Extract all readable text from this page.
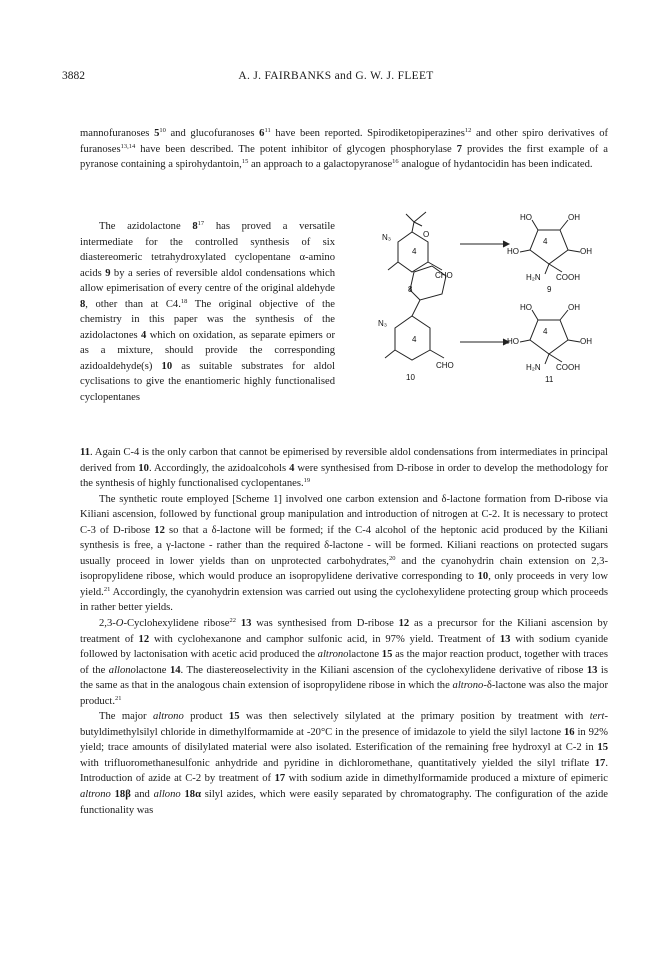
3882	A. J. FAIRBANKS and G. W. J. FLEET

mannofuranoses $5^{10}$ and glucofuranoses $6^{11}$ have been reported. Spirodiketopiperazines$^{12}$ and other spiro derivatives of furanoses$^{13,14}$ have been described. The potent inhibitor of glycogen phosphorylase 7 provides the first example of a pyranose containing a spirohydantoin,$^{15}$ an approach to a galactopyranose$^{16}$ analogue of hydantocidin has been indicated.

The azidolactone $8^{17}$ has proved a versatile intermediate for the controlled synthesis of six diastereomeric tetrahydroxylated cyclopentane α-amino acids 9 by a series of reversible aldol condensations which allow epimerisation of every centre of the original aldehyde 8, other than at C4.18 The original objective of the chemistry in this paper was the synthesis of the azidolactones 4 which on oxidation, as separate epimers or as a mixture, should provide the corresponding azidoaldehyde(s) 10 as suitable substrates for aldol cyclisations to give the enantiomeric highly functionalised cyclopentanes

11. Again C-4 is the only carbon that cannot be epimerised by reversible aldol condensations from intermediates in principal derived from 10. Accordingly, the azidoalcohols 4 were synthesised from D-ribose in order to develop the methodology for the synthesis of highly functionalised cyclopentanes.$^{19}$

The synthetic route employed [Scheme 1] involved one carbon extension and δ-lactone formation from D-ribose via Kiliani ascension, followed by functional group manipulation and introduction of nitrogen at C-2. It is necessary to protect C-3 of D-ribose 12 so that a δ-lactone will be formed; if the C-4 alcohol of the heptonic acid produced by the Kiliani synthesis is free, a γ-lactone - rather than the required δ-lactone - will be formed. Kiliani reactions on protected sugars usually proceed in lower yields than on unprotected carbohydrates,$^{20}$ and the cyanohydrin chain extension on 2,3-isopropylidene ribose, which would produce an isopropylidene derivative corresponding to 10, only proceeds in very low yield.$^{21}$ Accordingly, the cyanohydrin extension was carried out using the cyclohexylidene protecting group which proceeds in rather better yields.

2,3-O-Cyclohexylidene ribose$^{22}$ 13 was synthesised from D-ribose 12 as a precursor for the Kiliani ascension by treatment of 12 with cyclohexanone and camphor sulfonic acid, in 97% yield. Treatment of 13 with sodium cyanide followed by lactonisation with acetic acid produced the altronolactone 15 as the major reaction product, together with traces of the allonolactone 14. The diastereoselectivity in the Kiliani ascension of the cyclohexylidene derivative of ribose 13 is the same as that in the analogous chain extension of isopropylidene ribose in which the altrono-δ-lactone was also the major product.$^{21}$

The major altrono product 15 was then selectively silylated at the primary position by treatment with tert-butyldimethylsilyl chloride in dimethylformamide at -20°C in the presence of imidazole to yield the silyl lactone 16 in 92% yield; trace amounts of disilylated material were also isolated. Esterification of the remaining free hydroxyl at C-2 in 15 with trifluoromethanesulfonic anhydride and pyridine in dichloromethane, quantitatively yielded the silyl triflate 17. Introduction of azide at C-2 by treatment of 17 with sodium azide in dimethylformamide produced a mixture of epimeric altrono 18β and allono 18α silyl azides, which were easily separated by chromatography. The configuration of the azide functionality was

N₃	O
4
CHO
8
HO	OH
HO	OH
4
H₂N COOH
9
N₃
4
CHO
10
HO	OH
HO	OH
4
H₂N COOH
11
